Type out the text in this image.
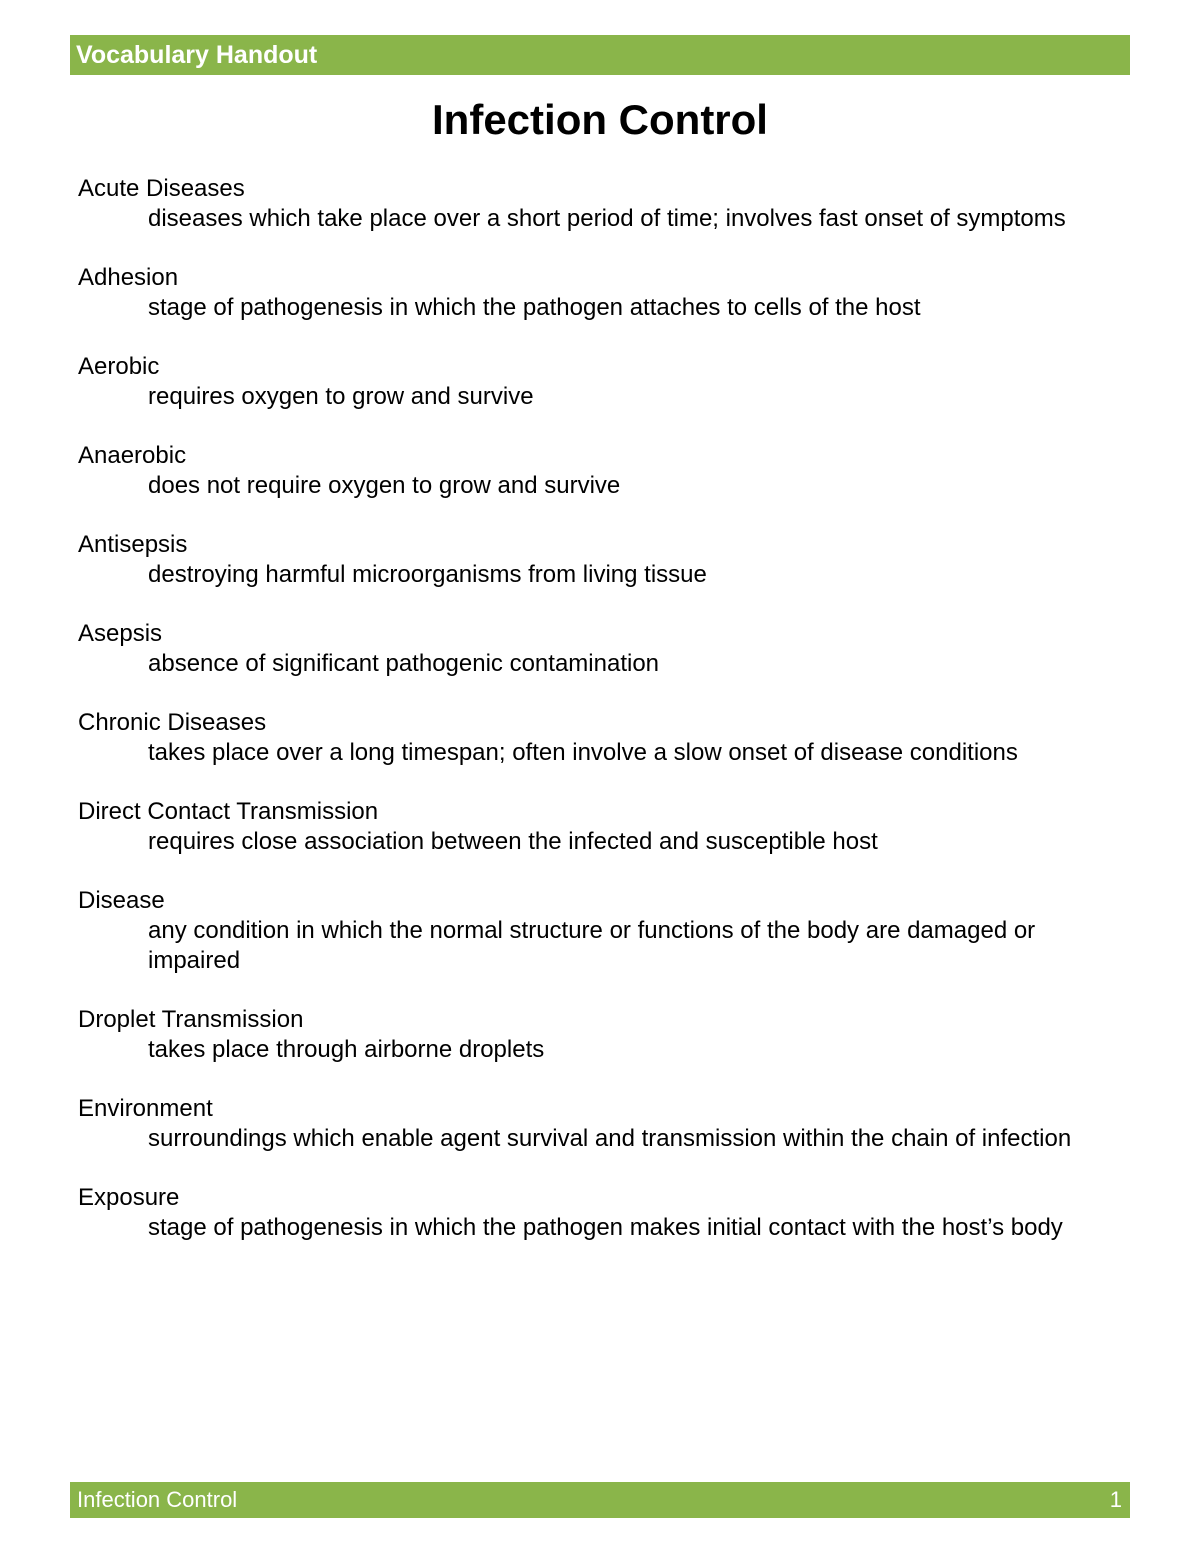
Vocabulary Handout
Infection Control
Acute Diseases
diseases which take place over a short period of time; involves fast onset of symptoms
Adhesion
stage of pathogenesis in which the pathogen attaches to cells of the host
Aerobic
requires oxygen to grow and survive
Anaerobic
does not require oxygen to grow and survive
Antisepsis
destroying harmful microorganisms from living tissue
Asepsis
absence of significant pathogenic contamination
Chronic Diseases
takes place over a long timespan; often involve a slow onset of disease conditions
Direct Contact Transmission
requires close association between the infected and susceptible host
Disease
any condition in which the normal structure or functions of the body are damaged or impaired
Droplet Transmission
takes place through airborne droplets
Environment
surroundings which enable agent survival and transmission within the chain of infection
Exposure
stage of pathogenesis in which the pathogen makes initial contact with the host’s body
Infection Control	1
